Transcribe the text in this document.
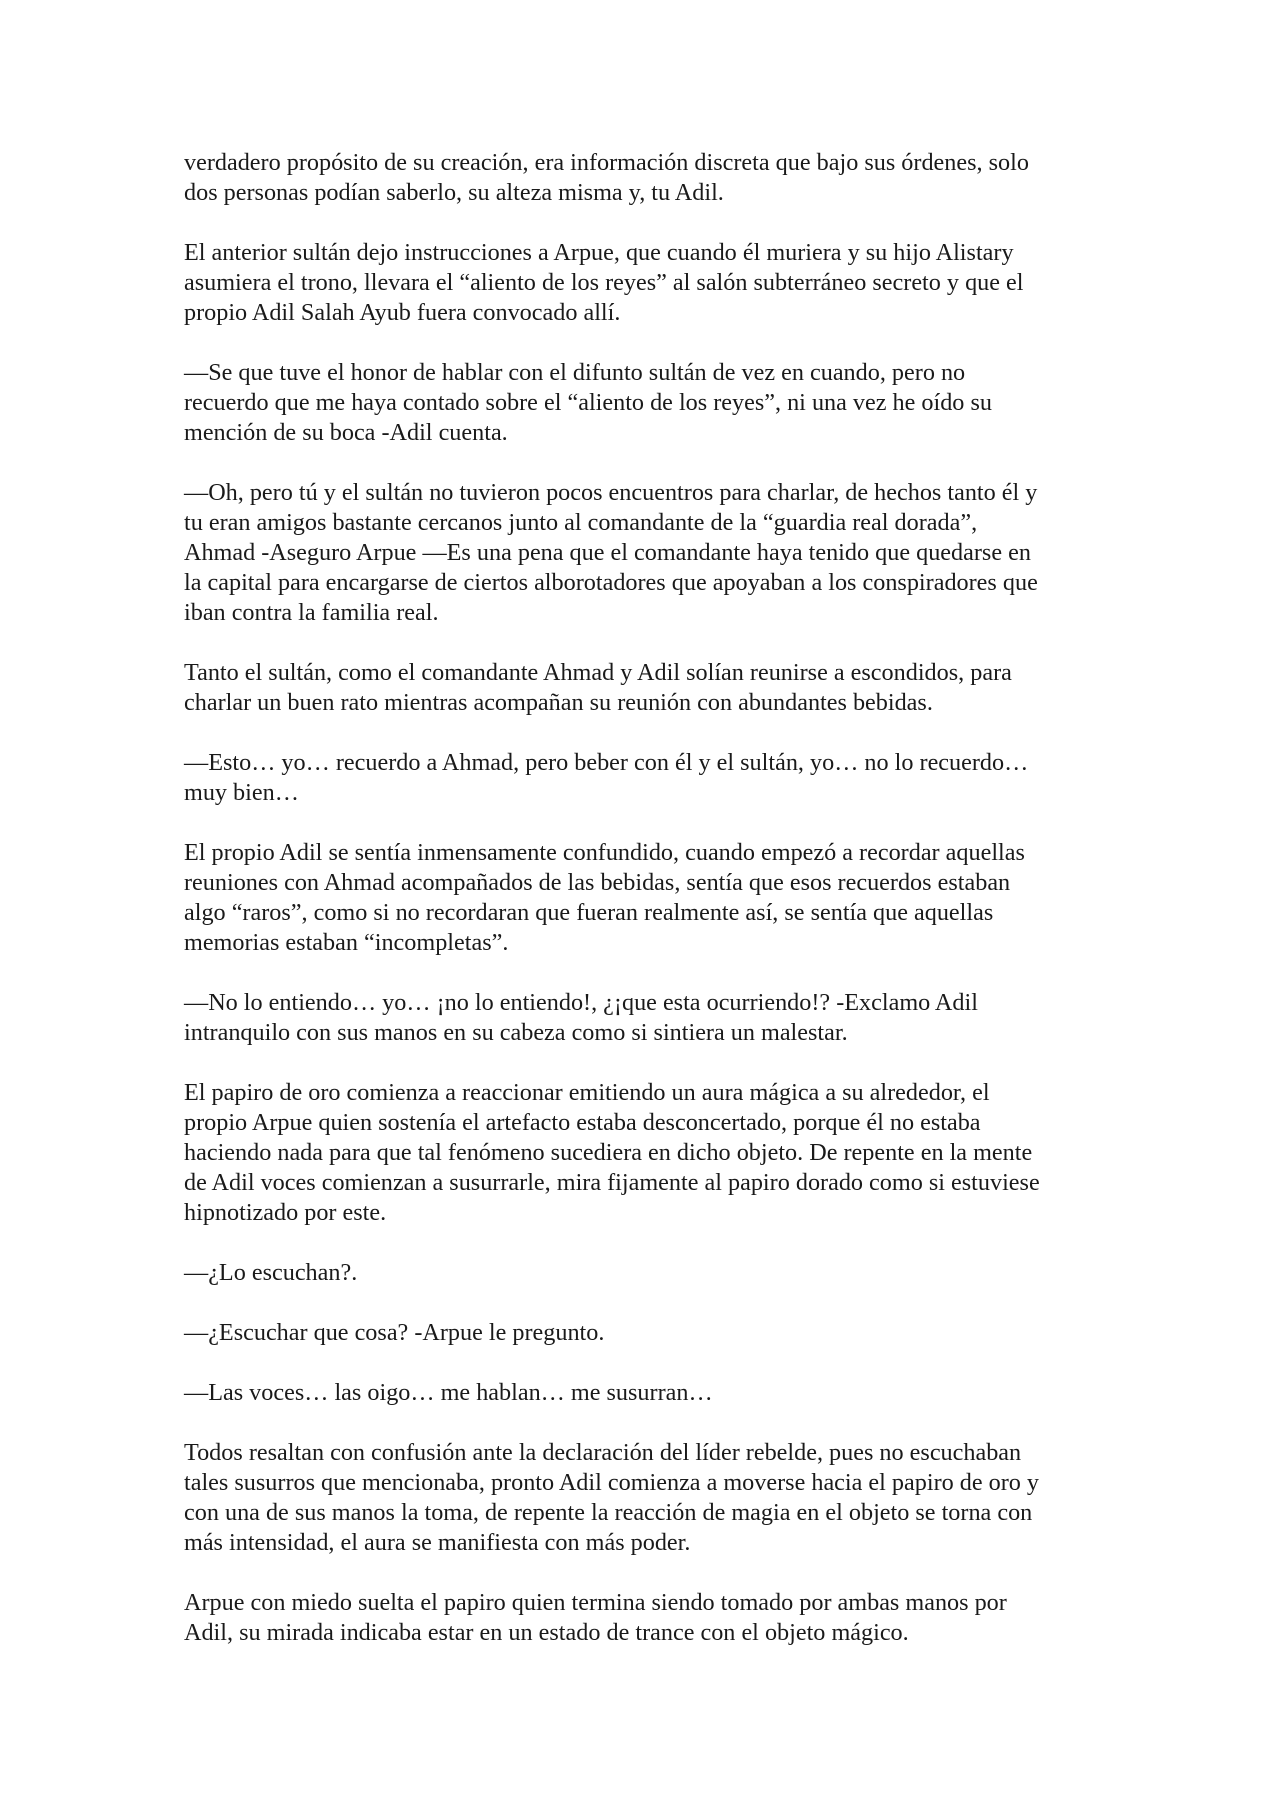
verdadero propósito de su creación, era información discreta que bajo sus órdenes, solo
dos personas podían saberlo, su alteza misma y, tu Adil.

El anterior sultán dejo instrucciones a Arpue, que cuando él muriera y su hijo Alistary
asumiera el trono, llevara el “aliento de los reyes” al salón subterráneo secreto y que el
propio Adil Salah Ayub fuera convocado allí.

—Se que tuve el honor de hablar con el difunto sultán de vez en cuando, pero no
recuerdo que me haya contado sobre el “aliento de los reyes”, ni una vez he oído su
mención de su boca -Adil cuenta.

—Oh, pero tú y el sultán no tuvieron pocos encuentros para charlar, de hechos tanto él y
tu eran amigos bastante cercanos junto al comandante de la “guardia real dorada”,
Ahmad -Aseguro Arpue —Es una pena que el comandante haya tenido que quedarse en
la capital para encargarse de ciertos alborotadores que apoyaban a los conspiradores que
iban contra la familia real.

Tanto el sultán, como el comandante Ahmad y Adil solían reunirse a escondidos, para
charlar un buen rato mientras acompañan su reunión con abundantes bebidas.

—Esto… yo… recuerdo a Ahmad, pero beber con él y el sultán, yo… no lo recuerdo…
muy bien…

El propio Adil se sentía inmensamente confundido, cuando empezó a recordar aquellas
reuniones con Ahmad acompañados de las bebidas, sentía que esos recuerdos estaban
algo “raros”, como si no recordaran que fueran realmente así, se sentía que aquellas
memorias estaban “incompletas”.

—No lo entiendo… yo… ¡no lo entiendo!, ¿¡que esta ocurriendo!? -Exclamo Adil
intranquilo con sus manos en su cabeza como si sintiera un malestar.

El papiro de oro comienza a reaccionar emitiendo un aura mágica a su alrededor, el
propio Arpue quien sostenía el artefacto estaba desconcertado, porque él no estaba
haciendo nada para que tal fenómeno sucediera en dicho objeto. De repente en la mente
de Adil voces comienzan a susurrarle, mira fijamente al papiro dorado como si estuviese
hipnotizado por este.

—¿Lo escuchan?.

—¿Escuchar que cosa? -Arpue le pregunto.

—Las voces… las oigo… me hablan… me susurran…

Todos resaltan con confusión ante la declaración del líder rebelde, pues no escuchaban
tales susurros que mencionaba, pronto Adil comienza a moverse hacia el papiro de oro y
con una de sus manos la toma, de repente la reacción de magia en el objeto se torna con
más intensidad, el aura se manifiesta con más poder.

Arpue con miedo suelta el papiro quien termina siendo tomado por ambas manos por
Adil, su mirada indicaba estar en un estado de trance con el objeto mágico.
